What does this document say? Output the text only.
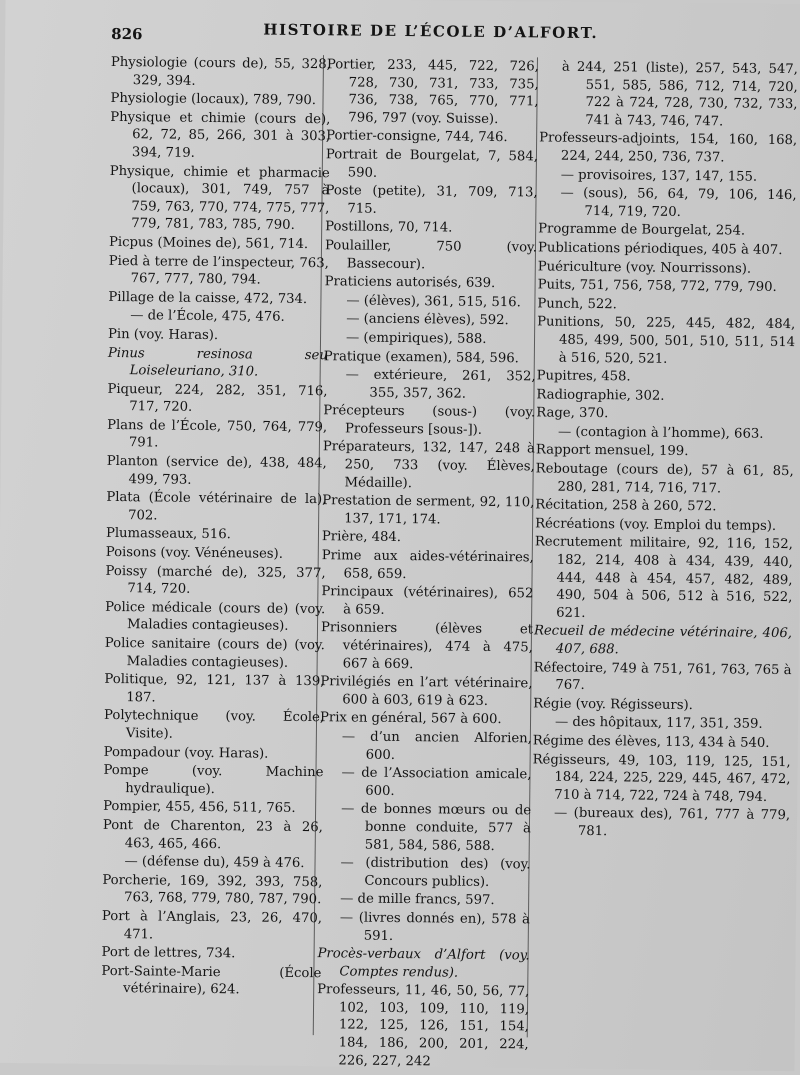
826	HISTOIRE DE L’ÉCOLE D’ALFORT.
Physiologie (cours de), 55, 328, 329, 394.
Physiologie (locaux), 789, 790.
Physique et chimie (cours de), 62, 72, 85, 266, 301 à 303, 394, 719.
Physique, chimie et pharmacie (locaux), 301, 749, 757 à 759, 763, 770, 774, 775, 777, 779, 781, 783, 785, 790.
Picpus (Moines de), 561, 714.
Pied à terre de l’inspecteur, 763, 767, 777, 780, 794.
Pillage de la caisse, 472, 734.
— de l’École, 475, 476.
Pin (voy. Haras).
Pinus resinosa seu Loiseleuriano, 310.
Piqueur, 224, 282, 351, 716, 717, 720.
Plans de l’École, 750, 764, 779, 791.
Planton (service de), 438, 484, 499, 793.
Plata (École vétérinaire de la), 702.
Plumasseaux, 516.
Poisons (voy. Vénéneuses).
Poissy (marché de), 325, 377, 714, 720.
Police médicale (cours de) (voy. Maladies contagieuses).
Police sanitaire (cours de) (voy. Maladies contagieuses).
Politique, 92, 121, 137 à 139, 187.
Polytechnique (voy. École, Visite).
Pompadour (voy. Haras).
Pompe (voy. Machine hydraulique).
Pompier, 455, 456, 511, 765.
Pont de Charenton, 23 à 26, 463, 465, 466.
— (défense du), 459 à 476.
Porcherie, 169, 392, 393, 758, 763, 768, 779, 780, 787, 790.
Port à l’Anglais, 23, 26, 470, 471.
Port de lettres, 734.
Port-Sainte-Marie (École vétérinaire), 624.
Portier, 233, 445, 722, 726, 728, 730, 731, 733, 735, 736, 738, 765, 770, 771, 796, 797 (voy. Suisse).
Portier-consigne, 744, 746.
Portrait de Bourgelat, 7, 584, 590.
Poste (petite), 31, 709, 713, 715.
Postillons, 70, 714.
Poulailler, 750 (voy. Bassecour).
Praticiens autorisés, 639.
— (élèves), 361, 515, 516.
— (anciens élèves), 592.
— (empiriques), 588.
Pratique (examen), 584, 596.
— extérieure, 261, 352, 355, 357, 362.
Précepteurs (sous-) (voy. Professeurs [sous-]).
Préparateurs, 132, 147, 248 à 250, 733 (voy. Élèves, Médaille).
Prestation de serment, 92, 110, 137, 171, 174.
Prière, 484.
Prime aux aides-vétérinaires, 658, 659.
Principaux (vétérinaires), 652 à 659.
Prisonniers (élèves et vétérinaires), 474 à 475, 667 à 669.
Privilégiés en l’art vétérinaire, 600 à 603, 619 à 623.
Prix en général, 567 à 600.
— d’un ancien Alforien, 600.
— de l’Association amicale, 600.
— de bonnes mœurs ou de bonne conduite, 577 à 581, 584, 586, 588.
— (distribution des) (voy. Concours publics).
— de mille francs, 597.
— (livres donnés en), 578 à 591.
Procès-verbaux d’Alfort (voy. Comptes rendus).
Professeurs, 11, 46, 50, 56, 77, 102, 103, 109, 110, 119, 122, 125, 126, 151, 154, 184, 186, 200, 201, 224, 226, 227, 242
à 244, 251 (liste), 257, 543, 547, 551, 585, 586, 712, 714, 720, 722 à 724, 728, 730, 732, 733, 741 à 743, 746, 747.
Professeurs-adjoints, 154, 160, 168, 224, 244, 250, 736, 737.
— provisoires, 137, 147, 155.
— (sous), 56, 64, 79, 106, 146, 714, 719, 720.
Programme de Bourgelat, 254.
Publications périodiques, 405 à 407.
Puériculture (voy. Nourrissons).
Puits, 751, 756, 758, 772, 779, 790.
Punch, 522.
Punitions, 50, 225, 445, 482, 484, 485, 499, 500, 501, 510, 511, 514 à 516, 520, 521.
Pupitres, 458.
Radiographie, 302.
Rage, 370.
— (contagion à l’homme), 663.
Rapport mensuel, 199.
Reboutage (cours de), 57 à 61, 85, 280, 281, 714, 716, 717.
Récitation, 258 à 260, 572.
Récréations (voy. Emploi du temps).
Recrutement militaire, 92, 116, 152, 182, 214, 408 à 434, 439, 440, 444, 448 à 454, 457, 482, 489, 490, 504 à 506, 512 à 516, 522, 621.
Recueil de médecine vétérinaire, 406, 407, 688.
Réfectoire, 749 à 751, 761, 763, 765 à 767.
Régie (voy. Régisseurs).
— des hôpitaux, 117, 351, 359.
Régime des élèves, 113, 434 à 540.
Régisseurs, 49, 103, 119, 125, 151, 184, 224, 225, 229, 445, 467, 472, 710 à 714, 722, 724 à 748, 794.
— (bureaux des), 761, 777 à 779, 781.
